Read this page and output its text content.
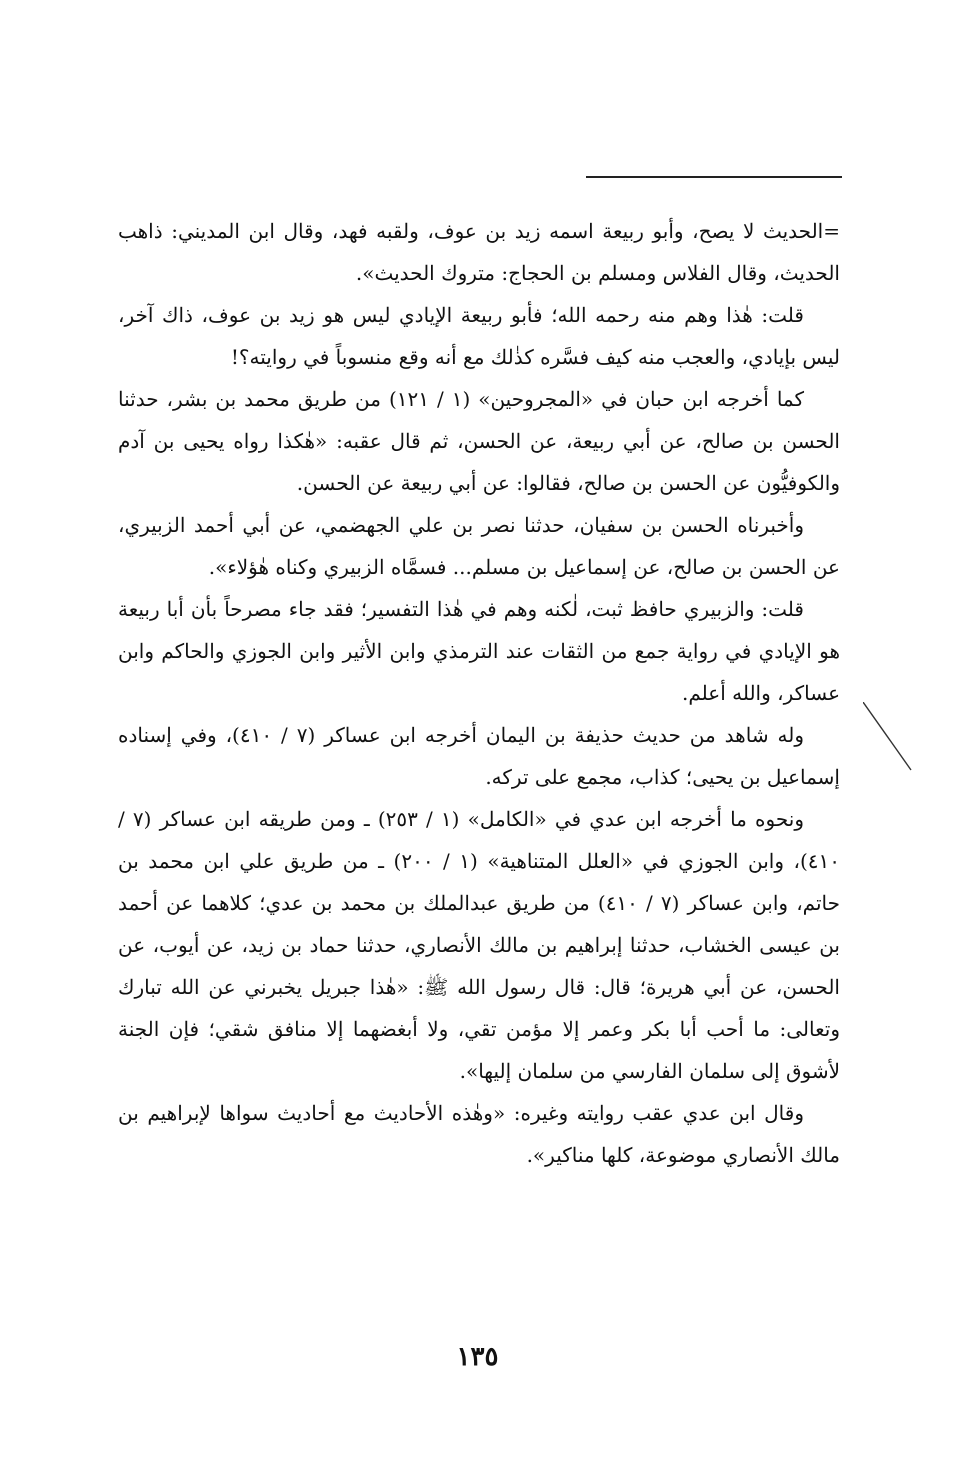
=الحديث لا يصح، وأبو ربيعة اسمه زيد بن عوف، ولقبه فهد، وقال ابن المديني: ذاهب الحديث، وقال الفلاس ومسلم بن الحجاج: متروك الحديث».

قلت: هٰذا وهم منه رحمه الله؛ فأبو ربيعة الإيادي ليس هو زيد بن عوف، ذاك آخر، ليس بإيادي، والعجب منه كيف فسَّره كذٰلك مع أنه وقع منسوباً في روايته؟!

كما أخرجه ابن حبان في «المجروحين» (١ / ١٢١) من طريق محمد بن بشر، حدثنا الحسن بن صالح، عن أبي ربيعة، عن الحسن، ثم قال عقبه: «هٰكذا رواه يحيى بن آدم والكوفيُّون عن الحسن بن صالح، فقالوا: عن أبي ربيعة عن الحسن.

وأخبرناه الحسن بن سفيان، حدثنا نصر بن علي الجهضمي، عن أبي أحمد الزبيري، عن الحسن بن صالح، عن إسماعيل بن مسلم... فسمَّاه الزبيري وكناه هٰؤلاء».

قلت: والزبيري حافظ ثبت، لٰكنه وهم في هٰذا التفسير؛ فقد جاء مصرحاً بأن أبا ربيعة هو الإيادي في رواية جمع من الثقات عند الترمذي وابن الأثير وابن الجوزي والحاكم وابن عساكر، والله أعلم.

وله شاهد من حديث حذيفة بن اليمان أخرجه ابن عساكر (٧ / ٤١٠)، وفي إسناده إسماعيل بن يحيى؛ كذاب، مجمع على تركه.

ونحوه ما أخرجه ابن عدي في «الكامل» (١ / ٢٥٣) ـ ومن طريقه ابن عساكر (٧ / ٤١٠)، وابن الجوزي في «العلل المتناهية» (١ / ٢٠٠) ـ من طريق علي ابن محمد بن حاتم، وابن عساكر (٧ / ٤١٠) من طريق عبدالملك بن محمد بن عدي؛ كلاهما عن أحمد بن عيسى الخشاب، حدثنا إبراهيم بن مالك الأنصاري، حدثنا حماد بن زيد، عن أيوب، عن الحسن، عن أبي هريرة؛ قال: قال رسول الله ﷺ: «هٰذا جبريل يخبرني عن الله تبارك وتعالى: ما أحب أبا بكر وعمر إلا مؤمن تقي، ولا أبغضهما إلا منافق شقي؛ فإن الجنة لأشوق إلى سلمان الفارسي من سلمان إليها».

وقال ابن عدي عقب روايته وغيره: «وهٰذه الأحاديث مع أحاديث سواها لإبراهيم بن مالك الأنصاري موضوعة، كلها مناكير».

١٣٥
